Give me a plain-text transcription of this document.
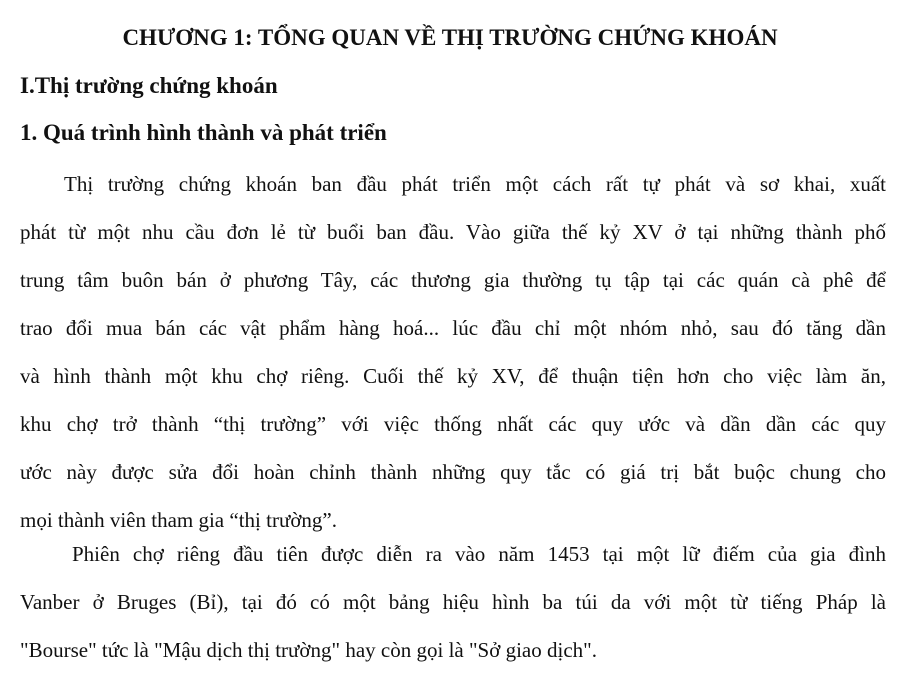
CHƯƠNG 1: TỔNG QUAN VỀ THỊ TRƯỜNG CHỨNG KHOÁN
I.Thị trường chứng khoán
1. Quá trình hình thành và phát triển
Thị trường chứng khoán ban đầu phát triển một cách rất tự phát và sơ khai, xuất
phát từ một nhu cầu đơn lẻ từ buổi ban đầu. Vào giữa thế kỷ XV ở tại những thành phố
trung tâm buôn bán ở phương Tây, các thương gia thường tụ tập tại các quán cà phê để
trao đổi mua bán các vật phẩm hàng hoá... lúc đầu chỉ một nhóm nhỏ, sau đó tăng dần
và hình thành một khu chợ riêng. Cuối thế kỷ XV, để thuận tiện hơn cho việc làm ăn,
khu chợ trở thành “thị trường” với việc thống nhất các quy ước và dần dần các quy
ước này được sửa đổi hoàn chỉnh thành những quy tắc có giá trị bắt buộc chung cho
mọi thành viên tham gia “thị trường”.
Phiên chợ riêng đầu tiên được diễn ra vào năm 1453 tại một lữ điếm của gia đình
Vanber ở Bruges (Bỉ), tại đó có một bảng hiệu hình ba túi da với một từ tiếng Pháp là
"Bourse" tức là "Mậu dịch thị trường" hay còn gọi là "Sở giao dịch".
